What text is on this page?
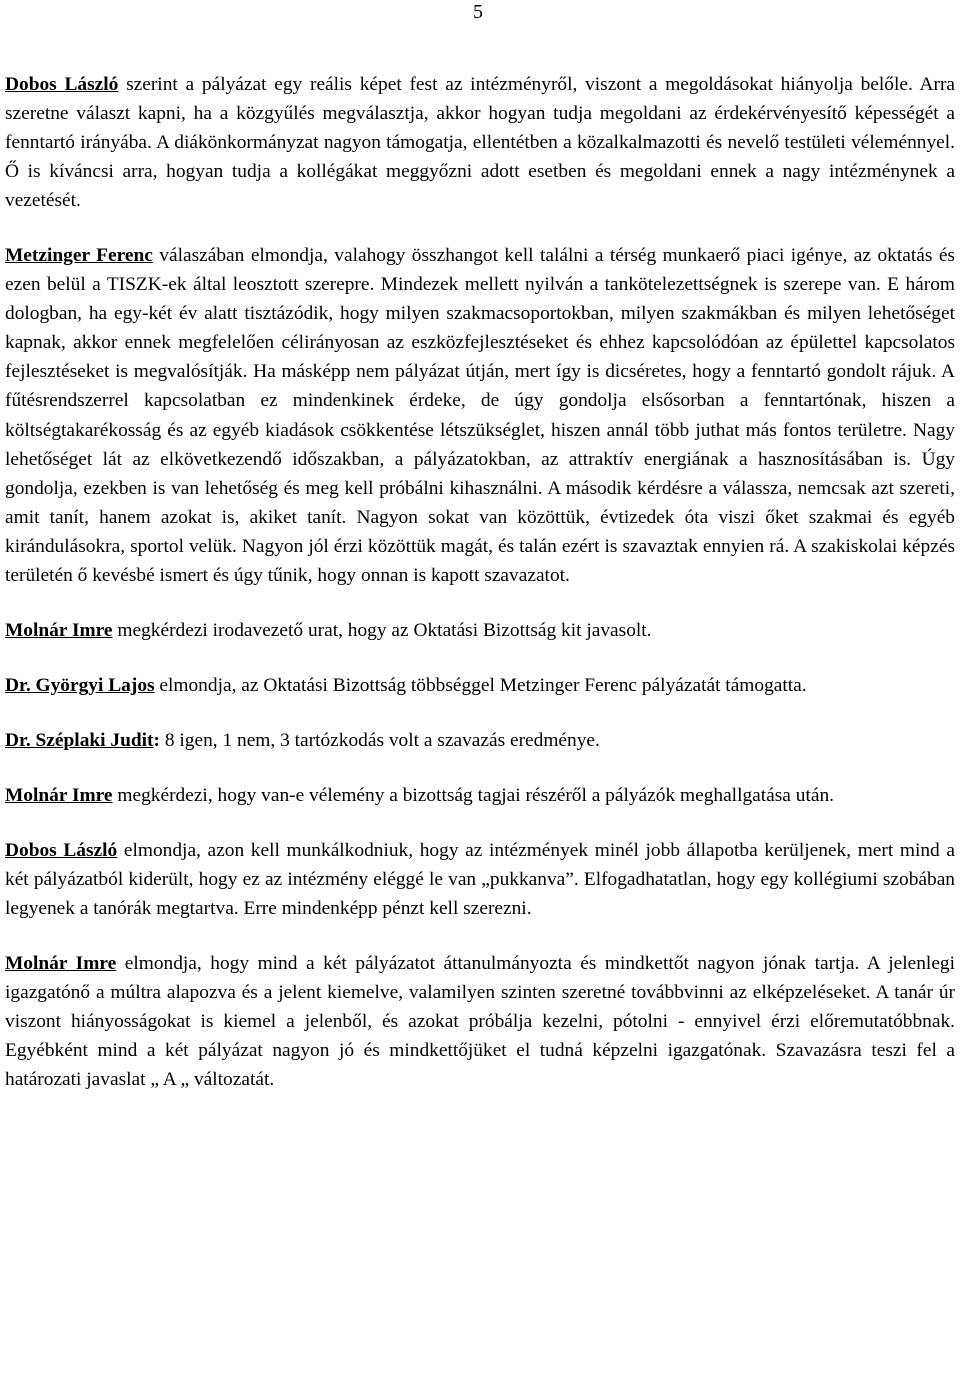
5

Dobos László szerint a pályázat egy reális képet fest az intézményről, viszont a megoldásokat hiányolja belőle. Arra szeretne választ kapni, ha a közgyűlés megválasztja, akkor hogyan tudja megoldani az érdekérvényesítő képességét a fenntartó irányába. A diákönkormányzat nagyon támogatja, ellentétben a közalkalmazotti és nevelő testületi véleménnyel. Ő is kíváncsi arra, hogyan tudja a kollégákat meggyőzni adott esetben és megoldani ennek a nagy intézménynek a vezetését.

Metzinger Ferenc válaszában elmondja, valahogy összhangot kell találni a térség munkaerő piaci igénye, az oktatás és ezen belül a TISZK-ek által leosztott szerepre. Mindezek mellett nyilván a tankötelezettségnek is szerepe van. E három dologban, ha egy-két év alatt tisztázódik, hogy milyen szakmacsoportokban, milyen szakmákban és milyen lehetőséget kapnak, akkor ennek megfelelően célirányosan az eszközfejlesztéseket és ehhez kapcsolódóan az épülettel kapcsolatos fejlesztéseket is megvalósítják. Ha másképp nem pályázat útján, mert így is dicséretes, hogy a fenntartó gondolt rájuk. A fűtésrendszerrel kapcsolatban ez mindenkinek érdeke, de úgy gondolja elsősorban a fenntartónak, hiszen a költségtakarékosság és az egyéb kiadások csökkentése létszükséglet, hiszen annál több juthat más fontos területre. Nagy lehetőséget lát az elkövetkezendő időszakban, a pályázatokban, az attraktív energiának a hasznosításában is. Úgy gondolja, ezekben is van lehetőség és meg kell próbálni kihasználni. A második kérdésre a válassza, nemcsak azt szereti, amit tanít, hanem azokat is, akiket tanít. Nagyon sokat van közöttük, évtizedek óta viszi őket szakmai és egyéb kirándulásokra, sportol velük. Nagyon jól érzi közöttük magát, és talán ezért is szavaztak ennyien rá. A szakiskolai képzés területén ő kevésbé ismert és úgy tűnik, hogy onnan is kapott szavazatot.

Molnár Imre megkérdezi irodavezető urat, hogy az Oktatási Bizottság kit javasolt.

Dr. Györgyi Lajos elmondja, az Oktatási Bizottság többséggel Metzinger Ferenc pályázatát támogatta.

Dr. Széplaki Judit: 8 igen, 1 nem, 3 tartózkodás volt a szavazás eredménye.

Molnár Imre megkérdezi, hogy van-e vélemény a bizottság tagjai részéről a pályázók meghallgatása után.

Dobos László elmondja, azon kell munkálkodniuk, hogy az intézmények minél jobb állapotba kerüljenek, mert mind a két pályázatból kiderült, hogy ez az intézmény eléggé le van „pukkanva”. Elfogadhatatlan, hogy egy kollégiumi szobában legyenek a tanórák megtartva. Erre mindenképp pénzt kell szerezni.

Molnár Imre elmondja, hogy mind a két pályázatot áttanulmányozta és mindkettőt nagyon jónak tartja. A jelenlegi igazgatónő a múltra alapozva és a jelent kiemelve, valamilyen szinten szeretné továbbvinni az elképzeléseket. A tanár úr viszont hiányosságokat is kiemel a jelenből, és azokat próbálja kezelni, pótolni - ennyivel érzi előremutatóbbnak. Egyébként mind a két pályázat nagyon jó és mindkettőjüket el tudná képzelni igazgatónak. Szavazásra teszi fel a határozati javaslat „ A „ változatát.
